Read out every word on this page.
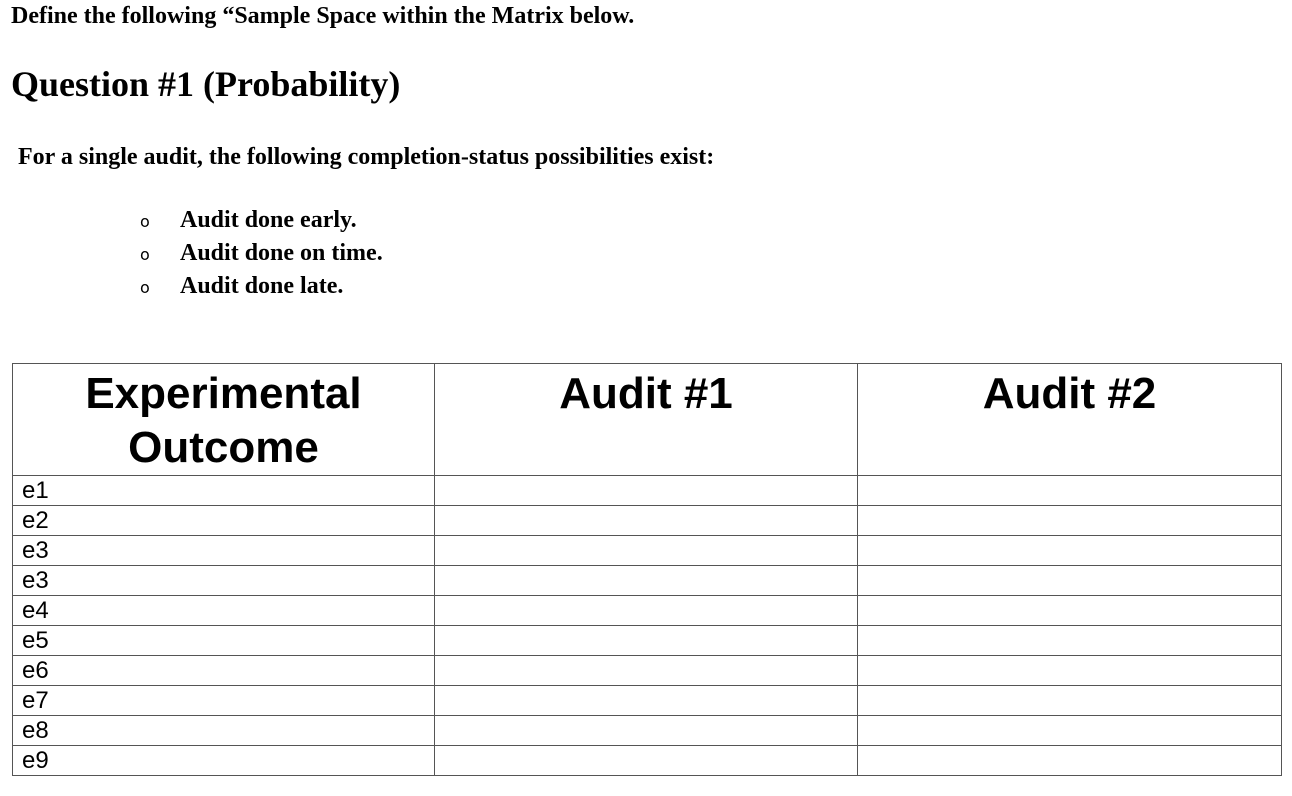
Define the following “Sample Space within the Matrix below.
Question #1 (Probability)
For a single audit, the following completion-status possibilities exist:
o	Audit done early.
o	Audit done on time.
o	Audit done late.
Experimental Outcome	Audit #1	Audit #2
e1		
e2		
e3		
e3		
e4		
e5		
e6		
e7		
e8		
e9		
